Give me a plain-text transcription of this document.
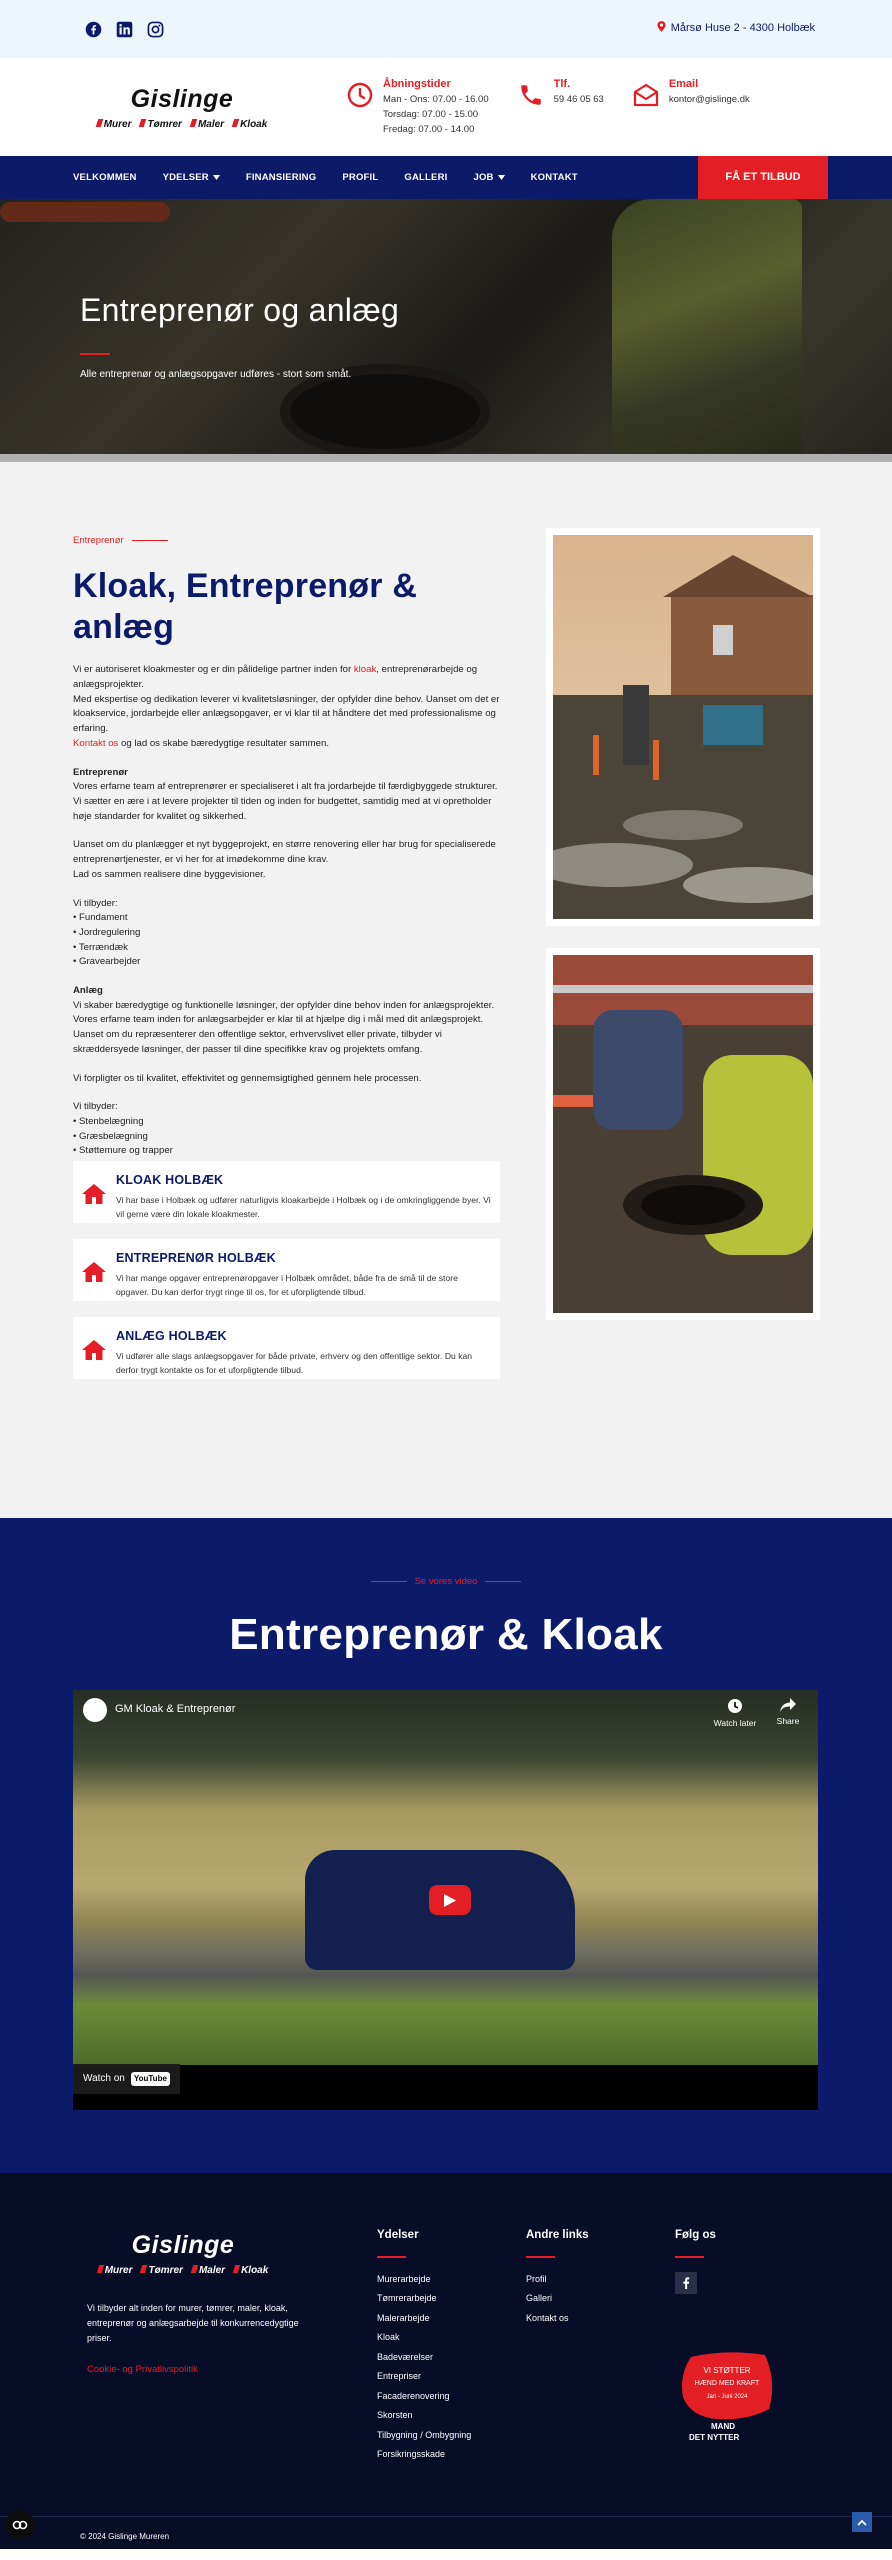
Mårsø Huse 2 - 4300 Holbæk
Gislinge
Murer	Tømrer	Maler	Kloak
Åbningstider
Man - Ons: 07.00 - 16.00
Torsdag: 07.00 - 15.00
Fredag: 07.00 - 14.00
Tlf.
59 46 05 63
Email
kontor@gislinge.dk
VELKOMMEN	YDELSER	FINANSIERING	PROFIL	GALLERI	JOB	KONTAKT	FÅ ET TILBUD
Entreprenør og anlæg

Alle entreprenør og anlægsopgaver udføres - stort som småt.

Entreprenør
Kloak, Entreprenør & anlæg

Vi er autoriseret kloakmester og er din pålidelige partner inden for kloak, entreprenørarbejde og anlægsprojekter.
Med ekspertise og dedikation leverer vi kvalitetsløsninger, der opfylder dine behov. Uanset om det er kloakservice, jordarbejde eller anlægsopgaver, er vi klar til at håndtere det med professionalisme og erfaring.
Kontakt os og lad os skabe bæredygtige resultater sammen.

Entreprenør
Vores erfarne team af entreprenører er specialiseret i alt fra jordarbejde til færdigbyggede strukturer.
Vi sætter en ære i at levere projekter til tiden og inden for budgettet, samtidig med at vi opretholder høje standarder for kvalitet og sikkerhed.

Uanset om du planlægger et nyt byggeprojekt, en større renovering eller har brug for specialiserede entreprenørtjenester, er vi her for at imødekomme dine krav.
Lad os sammen realisere dine byggevisioner.

Vi tilbyder:
• Fundament
• Jordregulering
• Terrændæk
• Gravearbejder

Anlæg
Vi skaber bæredygtige og funktionelle løsninger, der opfylder dine behov inden for anlægsprojekter.
Vores erfarne team inden for anlægsarbejder er klar til at hjælpe dig i mål med dit anlægsprojekt.
Uanset om du repræsenterer den offentlige sektor, erhvervslivet eller private, tilbyder vi skræddersyede løsninger, der passer til dine specifikke krav og projektets omfang.

Vi forpligter os til kvalitet, effektivitet og gennemsigtighed gennem hele processen.

Vi tilbyder:
• Stenbelægning
• Græsbelægning
• Støttemure og trapper

KLOAK HOLBÆK

Vi har base i Holbæk og udfører naturligvis kloakarbejde i Holbæk og i de omkringliggende byer. Vi vil gerne være din lokale kloakmester.

ENTREPRENØR HOLBÆK

Vi har mange opgaver entreprenøropgaver i Holbæk området, både fra de små til de store opgaver. Du kan derfor trygt ringe til os, for et uforpligtende tilbud.

ANLÆG HOLBÆK

Vi udfører alle slags anlægsopgaver for både private, erhverv og den offentlige sektor. Du kan derfor trygt kontakte os for et uforpligtende tilbud.

Se vores video
Entreprenør & Kloak
GM Kloak & Entreprenør
Watch later	Share
Watch on	YouTube
Gislinge
Murer	Tømrer	Maler	Kloak
Vi tilbyder alt inden for murer, tømrer, maler, kloak, entreprenør og anlægsarbejde til konkurrencedygtige priser.
Cookie- og Privatlivspolitik
Ydelser
Murerarbejde
Tømrerarbejde
Malerarbejde
Kloak
Badeværelser
Entrepriser
Facaderenovering
Skorsten
Tilbygning / Ombygning
Forsikringsskade
Andre links
Profil
Galleri
Kontakt os
Følg os
VI STØTTER
HÆND MED KRAFT
Jan - Juni 2024
MAND
DET NYTTER
© 2024 Gislinge Mureren
